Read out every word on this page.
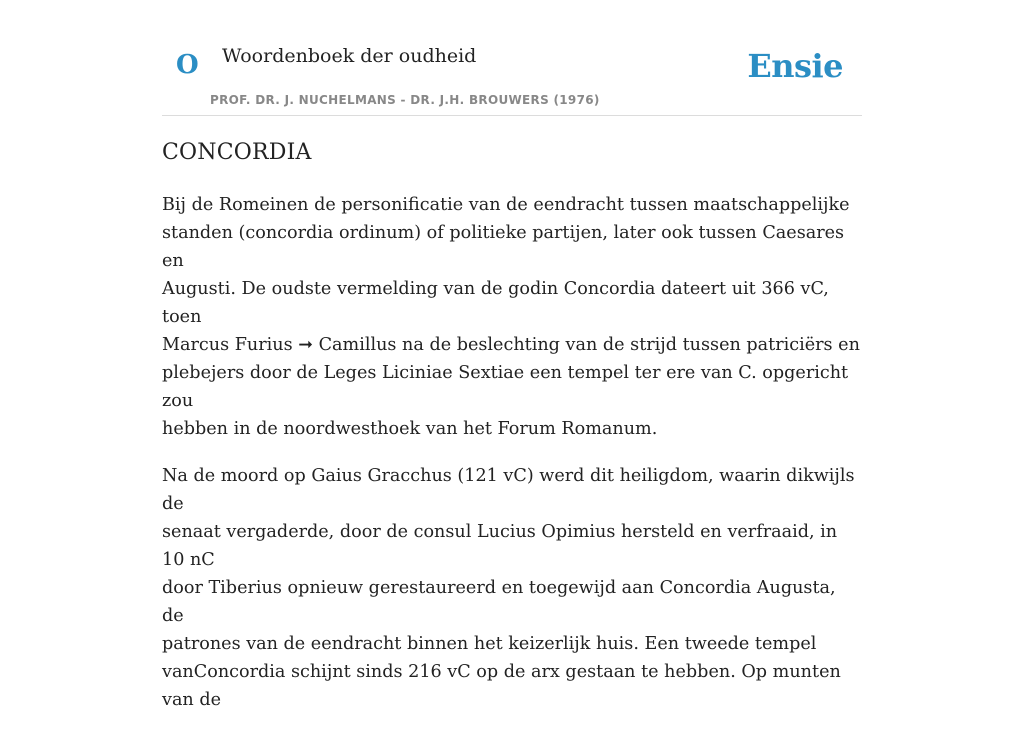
O Woordenboek der oudheid
PROF. DR. J. NUCHELMANS - DR. J.H. BROUWERS (1976)
Ensie
CONCORDIA

Bij de Romeinen de personificatie van de eendracht tussen maatschappelijke
standen (concordia ordinum) of politieke partijen, later ook tussen Caesares en
Augusti. De oudste vermelding van de godin Concordia dateert uit 366 vC, toen
Marcus Furius ➞ Camillus na de beslechting van de strijd tussen patriciërs en
plebejers door de Leges Liciniae Sextiae een tempel ter ere van C. opgericht zou
hebben in de noordwesthoek van het Forum Romanum.

Na de moord op Gaius Gracchus (121 vC) werd dit heiligdom, waarin dikwijls de
senaat vergaderde, door de consul Lucius Opimius hersteld en verfraaid, in 10 nC
door Tiberius opnieuw gerestaureerd en toegewijd aan Concordia Augusta, de
patrones van de eendracht binnen het keizerlijk huis. Een tweede tempel
vanConcordia schijnt sinds 216 vC op de arx gestaan te hebben. Op munten van de
